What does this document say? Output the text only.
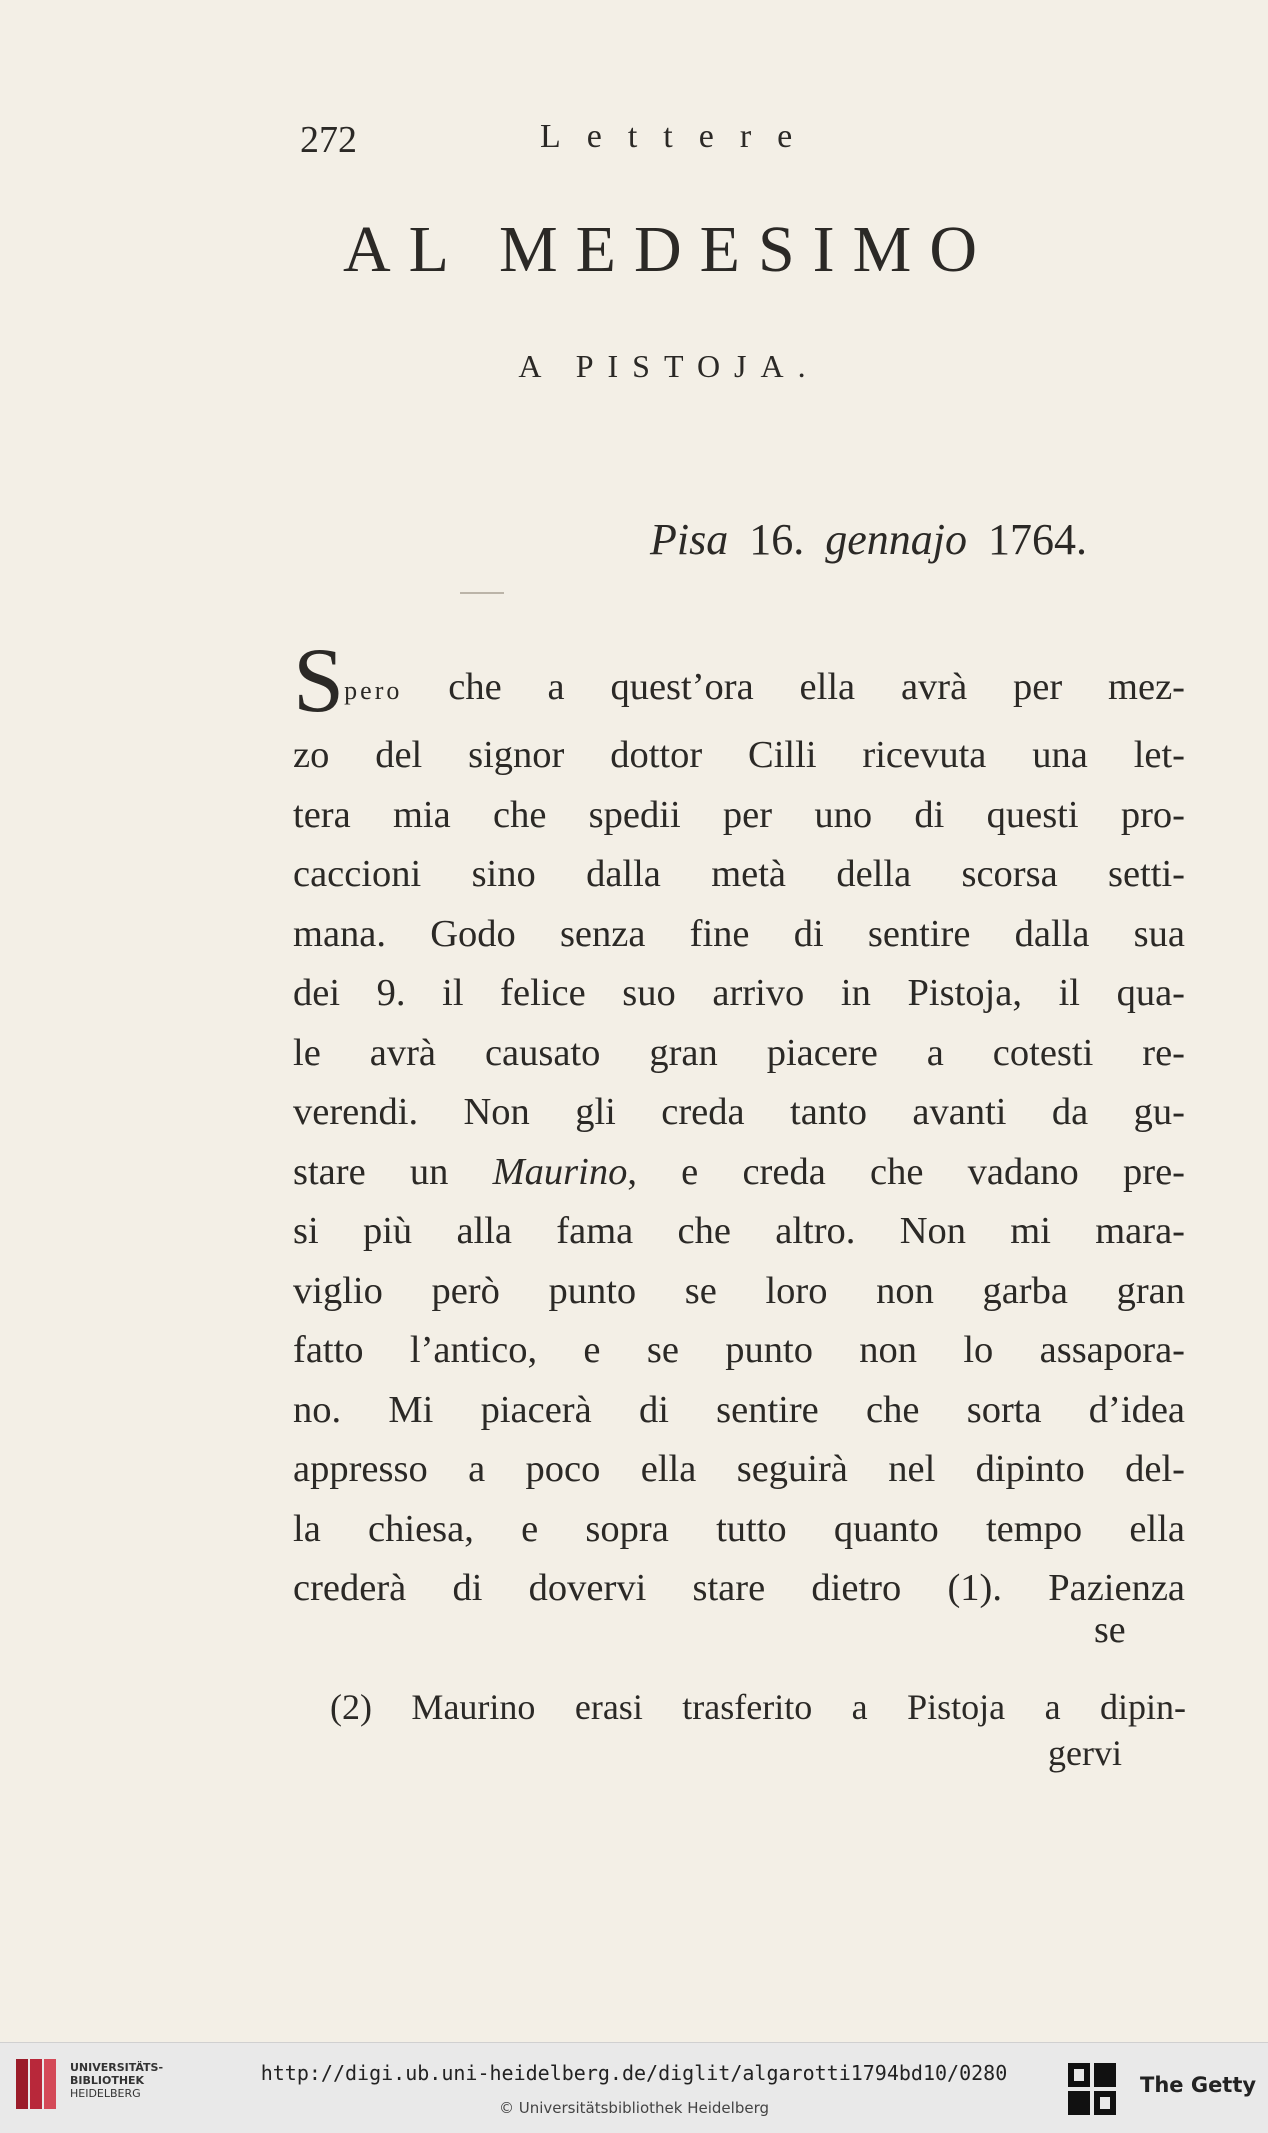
272	Lettere
AL MEDESIMO
A PISTOJA.
Pisa 16. gennajo 1764.
Spero che a quest’ora ella avrà per mez-
zo del signor dottor Cilli ricevuta una let-
tera mia che spedii per uno di questi pro-
caccioni sino dalla metà della scorsa setti-
mana. Godo senza fine di sentire dalla sua
dei 9. il felice suo arrivo in Pistoja, il qua-
le avrà causato gran piacere a cotesti re-
verendi. Non gli creda tanto avanti da gu-
stare un Maurino, e creda che vadano pre-
si più alla fama che altro. Non mi mara-
viglio però punto se loro non garba gran
fatto l’antico, e se punto non lo assapora-
no. Mi piacerà di sentire che sorta d’idea
appresso a poco ella seguirà nel dipinto del-
la chiesa, e sopra tutto quanto tempo ella
crederà di dovervi stare dietro (1). Pazienza
se
(2) Maurino erasi trasferito a Pistoja a dipin-
gervi
UNIVERSITÄTS-
BIBLIOTHEK
HEIDELBERG
http://digi.ub.uni-heidelberg.de/diglit/algarotti1794bd10/0280
© Universitätsbibliothek Heidelberg
The Getty
